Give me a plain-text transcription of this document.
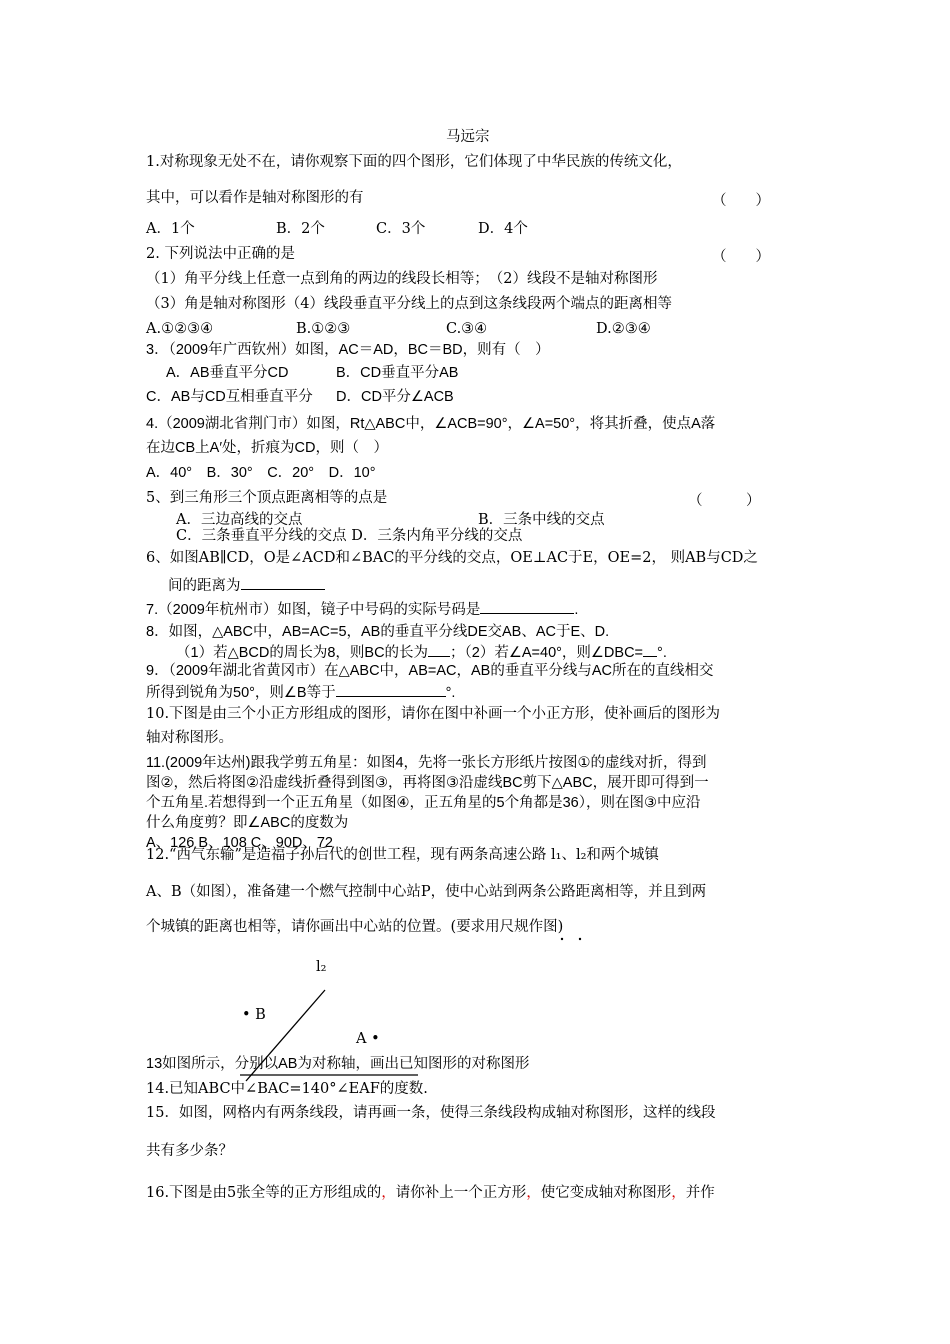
马远宗
1.对称现象无处不在，请你观察下面的四个图形，它们体现了中华民族的传统文化，
其中，可以看作是轴对称图形的有	（　　）
A．1个	B．2个	C．3个	D．4个
2. 下列说法中正确的是	（　　）
（1）角平分线上任意一点到角的两边的线段长相等；　（2）线段不是轴对称图形
（3）角是轴对称图形（4）线段垂直平分线上的点到这条线段两个端点的距离相等
A.①②③④	B.①②③	C.③④	D.②③④
3．（2009年广西钦州）如图，AC＝AD，BC＝BD，则有（　）
A．AB垂直平分CD	B．CD垂直平分AB
C．AB与CD互相垂直平分 D．CD平分∠ACB
4.（2009湖北省荆门市）如图，Rt△ABC中，∠ACB=90°，∠A=50°，将其折叠，使点A落
在边CB上A′处，折痕为CD，则（　）
A．40°　B．30°　C．20°　D．10°
5、到三角形三个顶点距离相等的点是	（　　　）
A．三边高线的交点	B．三条中线的交点
C．三条垂直平分线的交点 D．三条内角平分线的交点
6、如图AB∥CD，O是∠ACD和∠BAC的平分线的交点，OE⊥AC于E，OE=2， 则AB与CD之
间的距离为
7.（2009年杭州市）如图，镜子中号码的实际号码是	.
8．如图，△ABC中，AB=AC=5，AB的垂直平分线DE交AB、AC于E、D.
（1）若△BCD的周长为8，则BC的长为 ；（2）若∠A=40°，则∠DBC= °.
9．（2009年湖北省黄冈市）在△ABC中，AB=AC，AB的垂直平分线与AC所在的直线相交
所得到锐角为50°，则∠B等于	°.
10.下图是由三个小正方形组成的图形，请你在图中补画一个小正方形，使补画后的图形为
轴对称图形。
11.(2009年达州)跟我学剪五角星：如图4，先将一张长方形纸片按图①的虚线对折，得到
图②，然后将图②沿虚线折叠得到图③，再将图③沿虚线BC剪下△ABC，展开即可得到一
个五角星.若想得到一个正五角星（如图④，正五角星的5个角都是36），则在图③中应沿
什么角度剪？即∠ABC的度数为
A、126 B、108 C、90D、72
12.“西气东输”是造福子孙后代的创世工程，现有两条高速公路 l₁、l₂和两个城镇
A、B（如图），准备建一个燃气控制中心站P，使中心站到两条公路距离相等，并且到两
个城镇的距离也相等，请你画出中心站的位置。(要求用尺规作图)
l₂
• B
A •
13如图所示，分别以AB为对称轴，画出已知图形的对称图形
14.已知ABC中∠BAC=140°∠EAF的度数.
15．如图，网格内有两条线段，请再画一条，使得三条线段构成轴对称图形，这样的线段
共有多少条？
16.下图是由5张全等的正方形组成的，请你补上一个正方形，使它变成轴对称图形，并作
